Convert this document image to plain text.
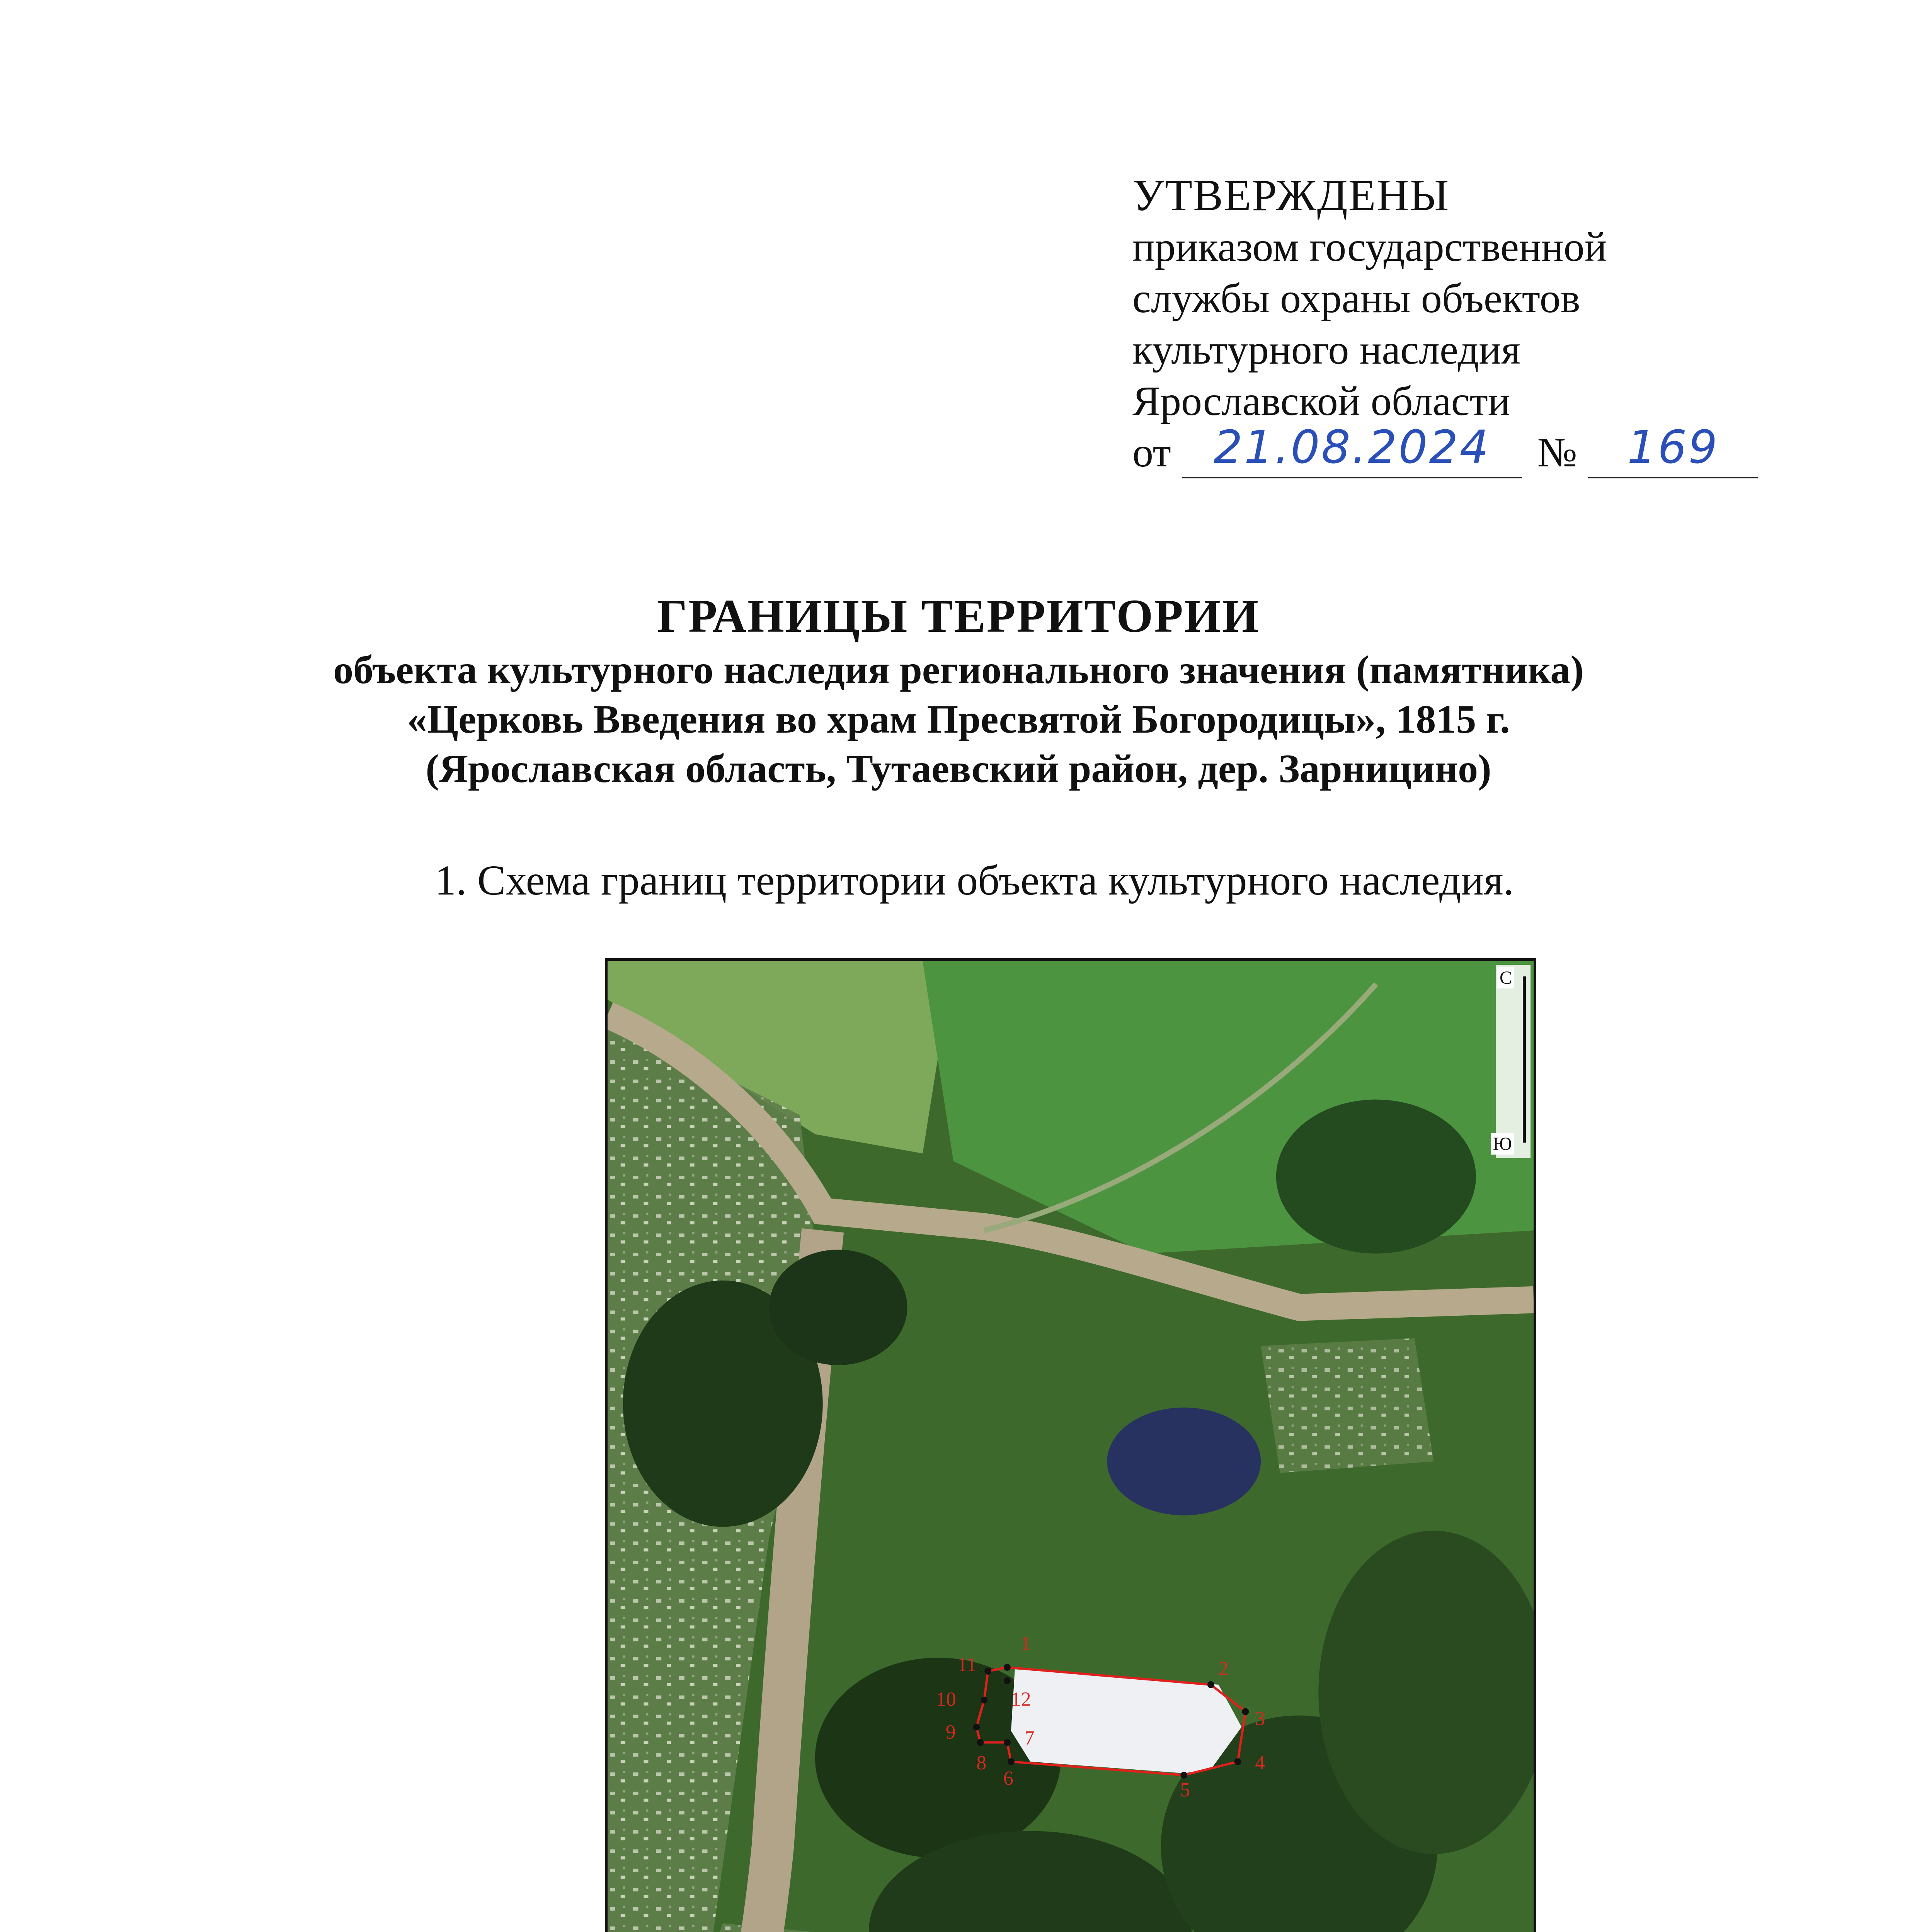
УТВЕРЖДЕНЫ
приказом государственной
службы охраны объектов
культурного наследия
Ярославской области
от 21.08.2024	№	169
ГРАНИЦЫ ТЕРРИТОРИИ
объекта культурного наследия регионального значения (памятника)
«Церковь Введения во храм Пресвятой Богородицы», 1815 г.
(Ярославская область, Тутаевский район, дер. Зарницино)
1. Схема границ территории объекта культурного наследия.
1
2
3
4
5
6
7
8
9
10
11
12
С
Ю
